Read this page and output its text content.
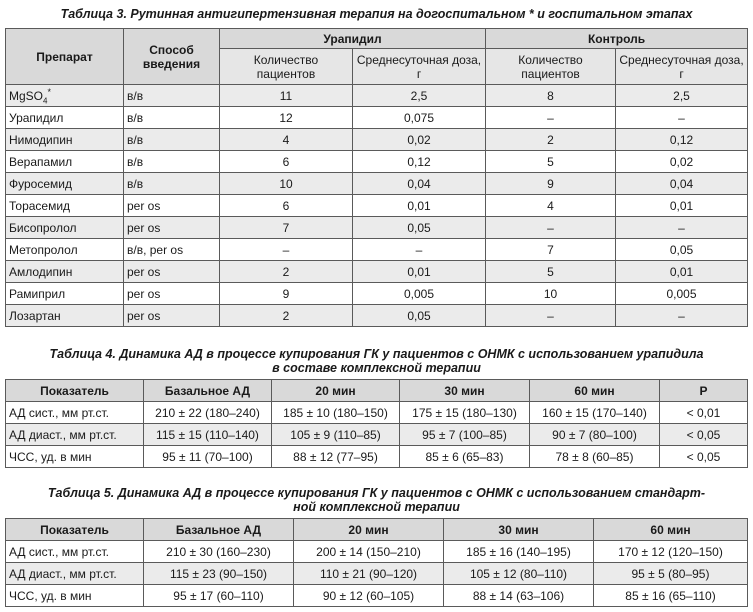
Таблица 3. Рутинная антигипертензивная терапия на догоспитальном * и госпитальном этапах
Препарат	Способ введения	Урапидил		Контроль	
		Количество пациентов	Среднесуточная доза, г	Количество пациентов	Среднесуточная доза, г
MgSO$_4$*	в/в	11	2,5	8	2,5
Урапидил	в/в	12	0,075	–	–
Нимодипин	в/в	4	0,02	2	0,12
Верапамил	в/в	6	0,12	5	0,02
Фуросемид	в/в	10	0,04	9	0,04
Торасемид	per os	6	0,01	4	0,01
Бисопролол	per os	7	0,05	–	–
Метопролол	в/в, per os	–	–	7	0,05
Амлодипин	per os	2	0,01	5	0,01
Рамиприл	per os	9	0,005	10	0,005
Лозартан	per os	2	0,05	–	–
Таблица 4. Динамика АД в процессе купирования ГК у пациентов с ОНМК с использованием урапидила
в составе комплексной терапии
Показатель	Базальное АД	20 мин	30 мин	60 мин	P
АД сист., мм рт.ст.	210 ± 22 (180–240)	185 ± 10 (180–150)	175 ± 15 (180–130)	160 ± 15 (170–140)	< 0,01
АД диаст., мм рт.ст.	115 ± 15 (110–140)	105 ± 9 (110–85)	95 ± 7 (100–85)	90 ± 7 (80–100)	< 0,05
ЧСС, уд. в мин	95 ± 11 (70–100)	88 ± 12 (77–95)	85 ± 6 (65–83)	78 ± 8 (60–85)	< 0,05
Таблица 5. Динамика АД в процессе купирования ГК у пациентов с ОНМК с использованием стандарт-
ной комплексной терапии
Показатель	Базальное АД	20 мин	30 мин	60 мин
АД сист., мм рт.ст.	210 ± 30 (160–230)	200 ± 14 (150–210)	185 ± 16 (140–195)	170 ± 12 (120–150)
АД диаст., мм рт.ст.	115 ± 23 (90–150)	110 ± 21 (90–120)	105 ± 12 (80–110)	95 ± 5 (80–95)
ЧСС, уд. в мин	95 ± 17 (60–110)	90 ± 12 (60–105)	88 ± 14 (63–106)	85 ± 16 (65–110)
